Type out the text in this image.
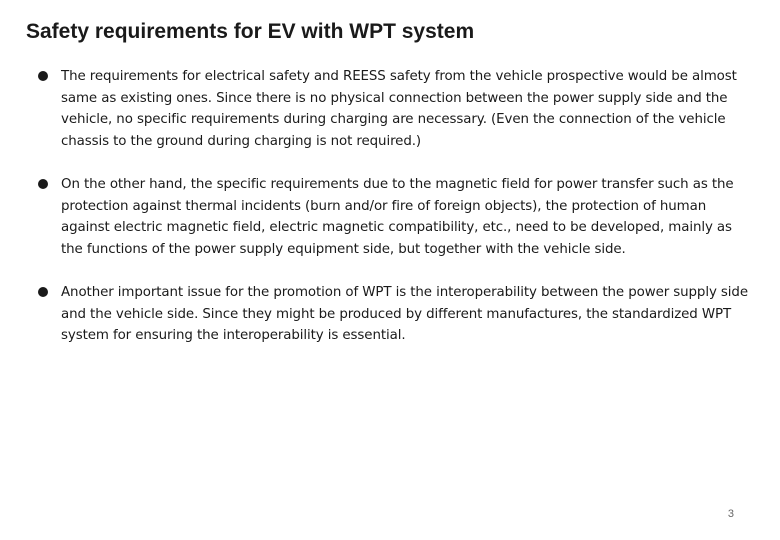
Safety requirements for EV with WPT system
The requirements for electrical safety and REESS safety from the vehicle prospective would be almost same as existing ones. Since there is no physical connection between the power supply side and the vehicle, no specific requirements during charging are necessary. (Even the connection of the vehicle chassis to the ground during charging is not required.)
On the other hand, the specific requirements due to the magnetic field for power transfer such as the protection against thermal incidents (burn and/or fire of foreign objects), the protection of human against electric magnetic field, electric magnetic compatibility, etc., need to be developed, mainly as the functions of the power supply equipment side, but together with the vehicle side.
Another important issue for the promotion of WPT is the interoperability between the power supply side and the vehicle side. Since they might be produced by different manufactures, the standardized WPT system for ensuring the interoperability is essential.
3
